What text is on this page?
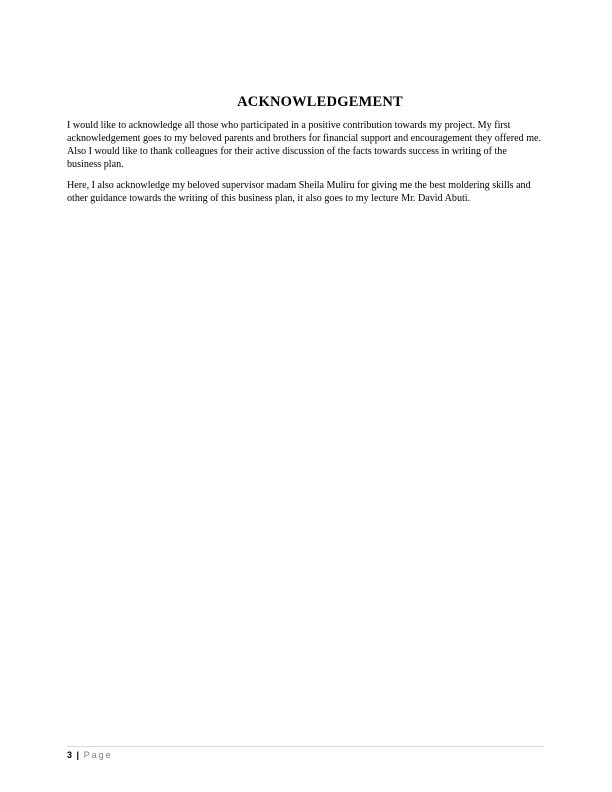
ACKNOWLEDGEMENT

I would like to acknowledge all those who participated in a positive contribution towards my project. My first acknowledgement goes to my beloved parents and brothers for financial support and encouragement they offered me. Also I would like to thank colleagues for their active discussion of the facts towards success in writing of the business plan.

Here, I also acknowledge my beloved supervisor madam Sheila Muliru for giving me the best moldering skills and other guidance towards the writing of this business plan, it also goes to my lecture Mr. David Abuti.

3 | Page
